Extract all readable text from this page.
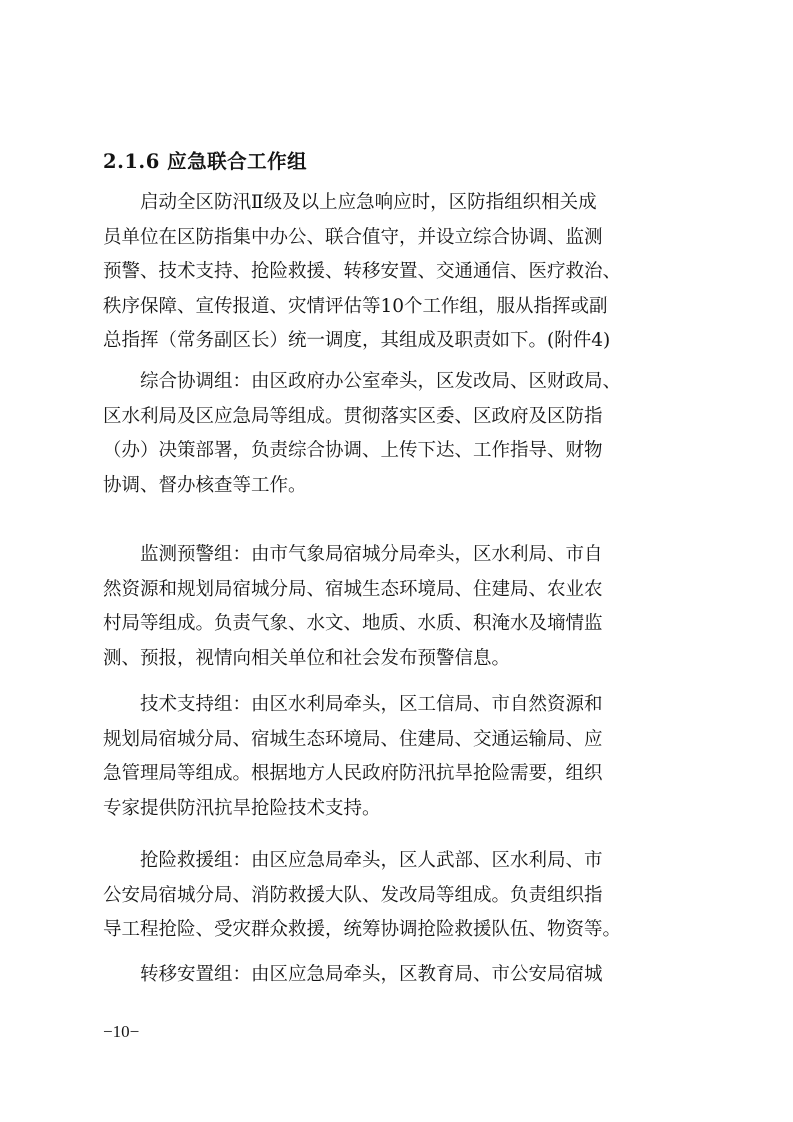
2.1.6 应急联合工作组

启动全区防汛Ⅱ级及以上应急响应时，区防指组织相关成
员单位在区防指集中办公、联合值守，并设立综合协调、监测
预警、技术支持、抢险救援、转移安置、交通通信、医疗救治、
秩序保障、宣传报道、灾情评估等10个工作组，服从指挥或副
总指挥（常务副区长）统一调度，其组成及职责如下。(附件4)

综合协调组：由区政府办公室牵头，区发改局、区财政局、
区水利局及区应急局等组成。贯彻落实区委、区政府及区防指
（办）决策部署，负责综合协调、上传下达、工作指导、财物
协调、督办核查等工作。

监测预警组：由市气象局宿城分局牵头，区水利局、市自
然资源和规划局宿城分局、宿城生态环境局、住建局、农业农
村局等组成。负责气象、水文、地质、水质、积淹水及墒情监
测、预报，视情向相关单位和社会发布预警信息。

技术支持组：由区水利局牵头，区工信局、市自然资源和
规划局宿城分局、宿城生态环境局、住建局、交通运输局、应
急管理局等组成。根据地方人民政府防汛抗旱抢险需要，组织
专家提供防汛抗旱抢险技术支持。

抢险救援组：由区应急局牵头，区人武部、区水利局、市
公安局宿城分局、消防救援大队、发改局等组成。负责组织指
导工程抢险、受灾群众救援，统筹协调抢险救援队伍、物资等。

转移安置组：由区应急局牵头，区教育局、市公安局宿城

−10−
